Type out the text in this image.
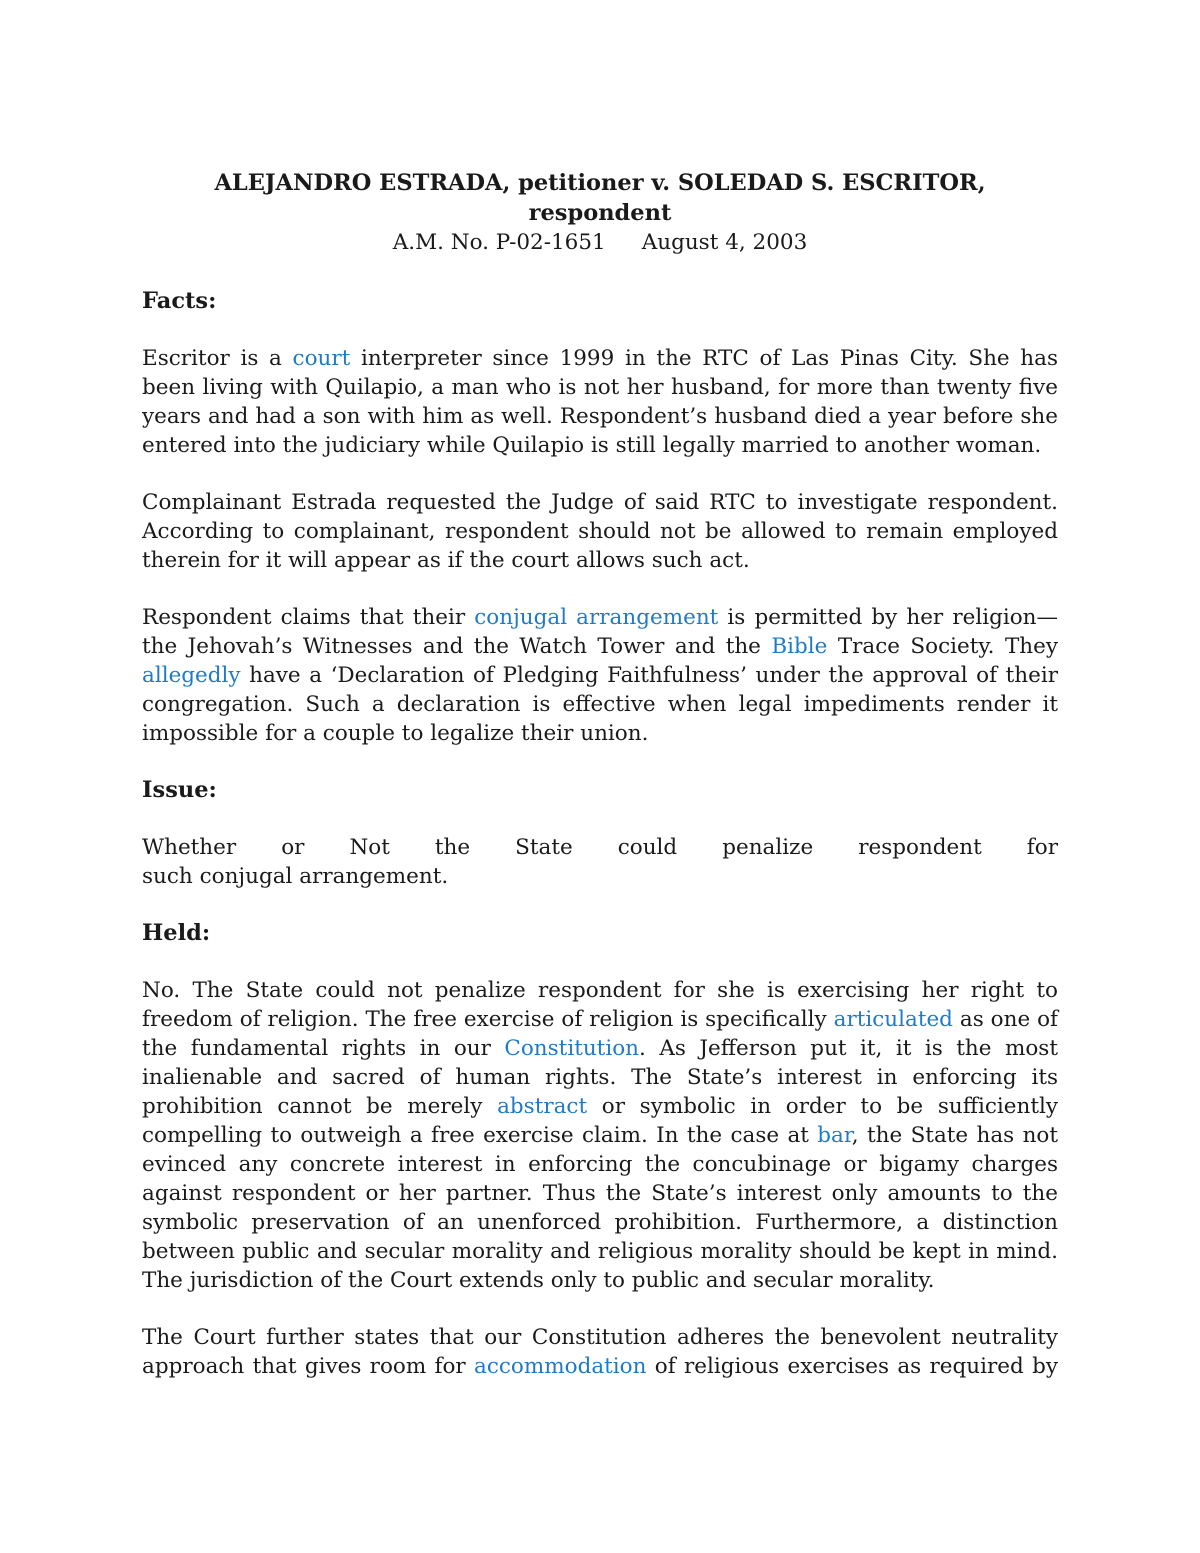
ALEJANDRO ESTRADA, petitioner v. SOLEDAD S. ESCRITOR,
respondent
A.M. No. P-02-1651 August 4, 2003
Facts:

Escritor is a court interpreter since 1999 in the RTC of Las Pinas City. She has been living with Quilapio, a man who is not her husband, for more than twenty five years and had a son with him as well. Respondent’s husband died a year before she entered into the judiciary while Quilapio is still legally married to another woman.

Complainant Estrada requested the Judge of said RTC to investigate respondent. According to complainant, respondent should not be allowed to remain employed therein for it will appear as if the court allows such act.

Respondent claims that their conjugal arrangement is permitted by her religion—the Jehovah’s Witnesses and the Watch Tower and the Bible Trace Society. They allegedly have a ‘Declaration of Pledging Faithfulness’ under the approval of their congregation. Such a declaration is effective when legal impediments render it impossible for a couple to legalize their union.

Issue:

Whether or Not the State could penalize respondent for
such conjugal arrangement.

Held:

No. The State could not penalize respondent for she is exercising her right to freedom of religion. The free exercise of religion is specifically articulated as one of the fundamental rights in our Constitution. As Jefferson put it, it is the most inalienable and sacred of human rights. The State’s interest in enforcing its prohibition cannot be merely abstract or symbolic in order to be sufficiently compelling to outweigh a free exercise claim. In the case at bar, the State has not evinced any concrete interest in enforcing the concubinage or bigamy charges against respondent or her partner. Thus the State’s interest only amounts to the symbolic preservation of an unenforced prohibition. Furthermore, a distinction between public and secular morality and religious morality should be kept in mind. The jurisdiction of the Court extends only to public and secular morality.

The Court further states that our Constitution adheres the benevolent neutrality approach that gives room for accommodation of religious exercises as required by
